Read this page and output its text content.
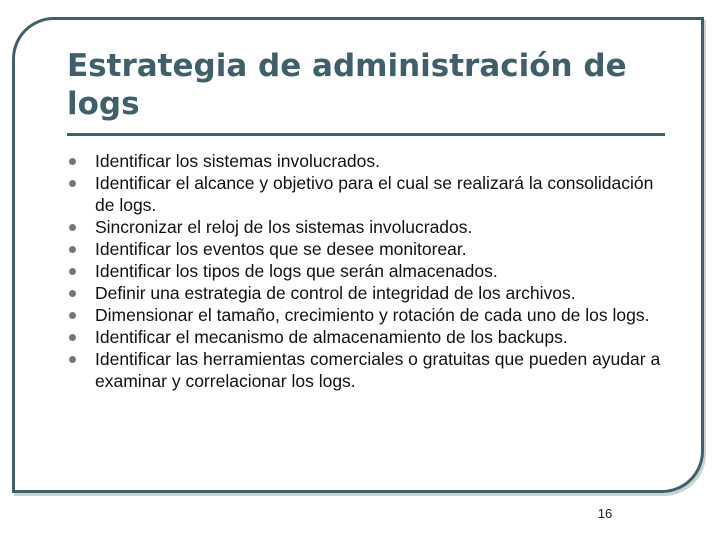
Estrategia de administración de logs
Identificar los sistemas involucrados.
Identificar el alcance y objetivo para el cual se realizará la consolidación de logs.
Sincronizar el reloj de los sistemas involucrados.
Identificar los eventos que se desee monitorear.
Identificar los tipos de logs que serán almacenados.
Definir una estrategia de control de integridad de los archivos.
Dimensionar el tamaño, crecimiento y rotación de cada uno de los logs.
Identificar el mecanismo de almacenamiento de los backups.
Identificar las herramientas comerciales o gratuitas que pueden ayudar a examinar y correlacionar los logs.
16
